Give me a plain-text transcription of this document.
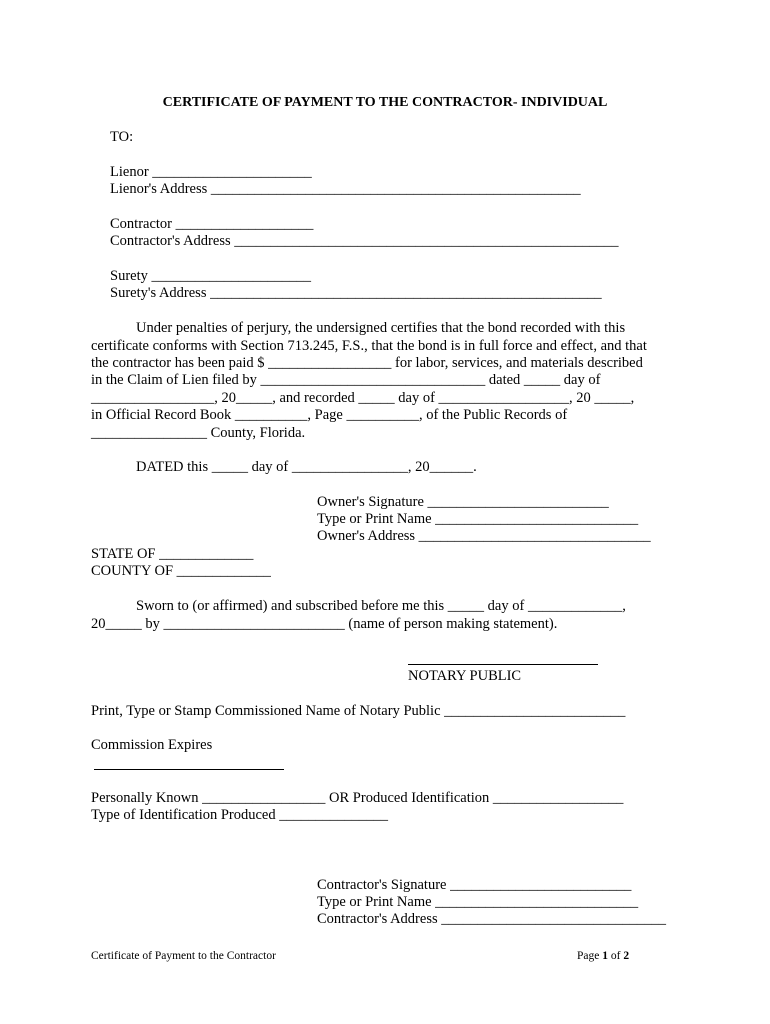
CERTIFICATE OF PAYMENT TO THE CONTRACTOR- INDIVIDUAL
TO:
Lienor ______________________
Lienor's Address ___________________________________________________
Contractor ___________________
Contractor's Address _____________________________________________________
Surety ______________________
Surety's Address ______________________________________________________
Under penalties of perjury, the undersigned certifies that the bond recorded with this
certificate conforms with Section 713.245, F.S., that the bond is in full force and effect, and that
the contractor has been paid $ _________________ for labor, services, and materials described
in the Claim of Lien filed by _______________________________ dated _____ day of
_________________, 20_____, and recorded _____ day of __________________, 20 _____,
in Official Record Book __________, Page __________, of the Public Records of
________________ County, Florida.
DATED this _____ day of ________________, 20______.
Owner's Signature _________________________
Type or Print Name ____________________________
Owner's Address ________________________________
STATE OF _____________
COUNTY OF _____________
Sworn to (or affirmed) and subscribed before me this _____ day of _____________,
20_____ by _________________________ (name of person making statement).
NOTARY PUBLIC
Print, Type or Stamp Commissioned Name of Notary Public _________________________
Commission Expires
Personally Known _________________ OR Produced Identification __________________
Type of Identification Produced _______________
Contractor's Signature _________________________
Type or Print Name ____________________________
Contractor's Address _______________________________
Certificate of Payment to the Contractor	Page 1 of 2
